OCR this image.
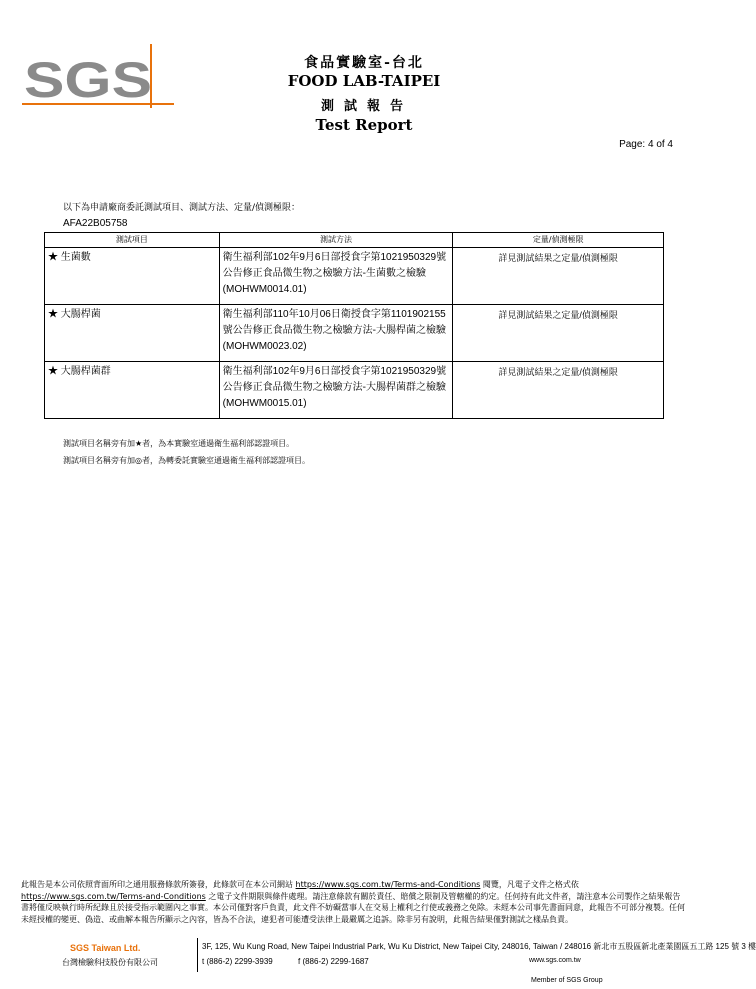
SGS	食品實驗室-台北
FOOD LAB-TAIPEI
測試報告
Test Report
Page: 4 of 4
以下為申請廠商委託測試項目、測試方法、定量/偵測極限：
AFA22B05758
測試項目	測試方法	定量/偵測極限
★ 生菌數	衛生福利部102年9月6日部授食字第1021950329號公告修正食品微生物之檢驗方法-生菌數之檢驗(MOHWM0014.01)	詳見測試結果之定量/偵測極限
★ 大腸桿菌	衛生福利部110年10月06日衛授食字第1101902155號公告修正食品微生物之檢驗方法-大腸桿菌之檢驗(MOHWM0023.02)	詳見測試結果之定量/偵測極限
★ 大腸桿菌群	衛生福利部102年9月6日部授食字第1021950329號公告修正食品微生物之檢驗方法-大腸桿菌群之檢驗(MOHWM0015.01)	詳見測試結果之定量/偵測極限
測試項目名稱旁有加★者，為本實驗室通過衛生福利部認證項目。
測試項目名稱旁有加◎者，為轉委託實驗室通過衛生福利部認證項目。
此報告是本公司依照背面所印之通用服務條款所簽發，此條款可在本公司網站 https://www.sgs.com.tw/Terms-and-Conditions 閱覽，凡電子文件之格式依 https://www.sgs.com.tw/Terms-and-Conditions 之電子文件期限與條件處理。請注意條款有關於責任、賠償之限制及管轄權的約定。任何持有此文件者，請注意本公司製作之結果報告書將僅反映執行時所紀錄且於接受指示範圍內之事實。本公司僅對客戶負責，此文件不妨礙當事人在交易上權利之行使或義務之免除。未經本公司事先書面同意，此報告不可部分複製。任何未經授權的變更、偽造、或曲解本報告所顯示之內容，皆為不合法，違犯者可能遭受法律上最嚴厲之追訴。除非另有說明，此報告結果僅對測試之樣品負責。
SGS Taiwan Ltd.
台灣檢驗科技股份有限公司
3F, 125, Wu Kung Road, New Taipei Industrial Park, Wu Ku District, New Taipei City, 248016, Taiwan / 248016 新北市五股區新北產業園區五工路 125 號 3 樓
t (886-2) 2299-3939	f (886-2) 2299-1687	www.sgs.com.tw
Member of SGS Group
